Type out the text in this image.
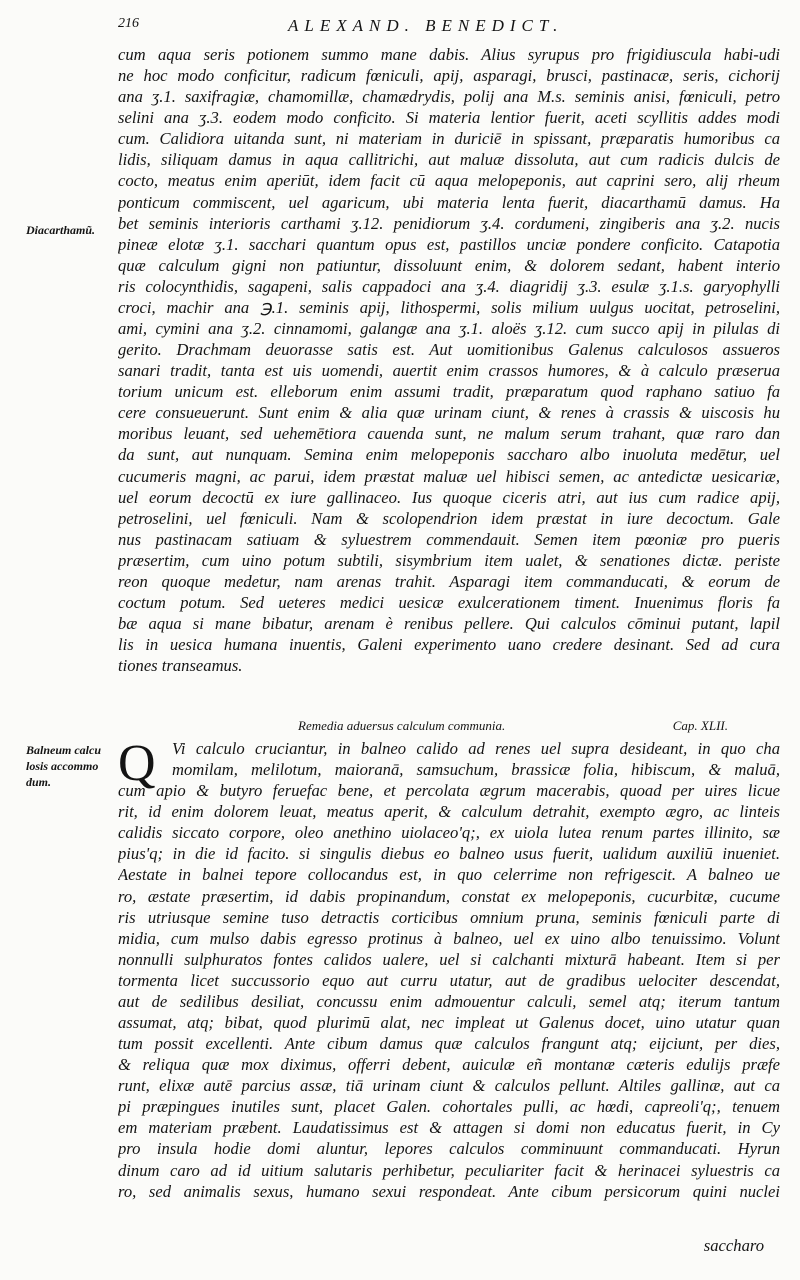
216	ALEXAND. BENEDICT.
Diacarthamũ.
cum aqua seris potionem summo mane dabis. Alius syrupus pro frigidiuscula habi-udi
ne hoc modo conficitur, radicum fœniculi, apij, asparagi, brusci, pastinacæ, seris, cichorij
ana ʒ.1. saxifragiæ, chamomillæ, chamædrydis, polij ana M.s. seminis anisi, fœniculi, petro
selini ana ʒ.3. eodem modo conficito. Si materia lentior fuerit, aceti scyllitis addes modi
cum. Calidiora uitanda sunt, ni materiam in duriciē in spissant, præparatis humoribus ca
lidis, siliquam damus in aqua callitrichi, aut maluæ dissoluta, aut cum radicis dulcis de
cocto, meatus enim aperiūt, idem facit cū aqua melopeponis, aut caprini sero, alij rheum
ponticum commiscent, uel agaricum, ubi materia lenta fuerit, diacarthamū damus. Ha
bet seminis interioris carthami ʒ.12. penidiorum ʒ.4. cordumeni, zingiberis ana ʒ.2. nucis
pineæ elotæ ʒ.1. sacchari quantum opus est, pastillos unciæ pondere conficito. Catapotia
quæ calculum gigni non patiuntur, dissoluunt enim, & dolorem sedant, habent interio
ris colocynthidis, sagapeni, salis cappadoci ana ʒ.4. diagridij ʒ.3. esulæ ʒ.1.s. garyophylli
croci, machir ana ℈.1. seminis apij, lithospermi, solis milium uulgus uocitat, petroselini,
ami, cymini ana ʒ.2. cinnamomi, galangæ ana ʒ.1. aloës ʒ.12. cum succo apij in pilulas di
gerito. Drachmam deuorasse satis est. Aut uomitionibus Galenus calculosos assueros
sanari tradit, tanta est uis uomendi, auertit enim crassos humores, & à calculo præserua
torium unicum est. elleborum enim assumi tradit, præparatum quod raphano satiuo fa
cere consueuerunt. Sunt enim & alia quæ urinam ciunt, & renes à crassis & uiscosis hu
moribus leuant, sed uehemētiora cauenda sunt, ne malum serum trahant, quæ raro dan
da sunt, aut nunquam. Semina enim melopeponis saccharo albo inuoluta medētur, uel
cucumeris magni, ac parui, idem præstat maluæ uel hibisci semen, ac antedictæ uesicariæ,
uel eorum decoctū ex iure gallinaceo. Ius quoque ciceris atri, aut ius cum radice apij,
petroselini, uel fœniculi. Nam & scolopendrion idem præstat in iure decoctum. Gale
nus pastinacam satiuam & syluestrem commendauit. Semen item pœoniæ pro pueris
præsertim, cum uino potum subtili, sisymbrium item ualet, & senationes dictæ. periste
reon quoque medetur, nam arenas trahit. Asparagi item commanducati, & eorum de
coctum potum. Sed ueteres medici uesicæ exulcerationem timent. Inuenimus floris fa
bæ aqua si mane bibatur, arenam è renibus pellere. Qui calculos cōminui putant, lapil
lis in uesica humana inuentis, Galeni experimento uano credere desinant. Sed ad cura
tiones transeamus.
Remedia aduersus calculum communia.	Cap. XLII.
Balneum calcu
losis accommo
dum.	Q Vi calculo cruciantur, in balneo calido ad renes uel supra desideant, in quo cha
momilam, melilotum, maioranā, samsuchum, brassicæ folia, hibiscum, & maluā,
cum apio & butyro feruefac bene, et percolata ægrum macerabis, quoad per uires licue
rit, id enim dolorem leuat, meatus aperit, & calculum detrahit, exempto ægro, ac linteis
calidis siccato corpore, oleo anethino uiolaceo'q;, ex uiola lutea renum partes illinito, sæ
pius'q; in die id facito. si singulis diebus eo balneo usus fuerit, ualidum auxiliū inueniet.
Aestate in balnei tepore collocandus est, in quo celerrime non refrigescit. A balneo ue
ro, æstate præsertim, id dabis propinandum, constat ex melopeponis, cucurbitæ, cucume
ris utriusque semine tuso detractis corticibus omnium pruna, seminis fœniculi parte di
midia, cum mulso dabis egresso protinus à balneo, uel ex uino albo tenuissimo. Volunt
nonnulli sulphuratos fontes calidos ualere, uel si calchanti mixturā habeant. Item si per
tormenta licet succussorio equo aut curru utatur, aut de gradibus uelociter descendat,
aut de sedilibus desiliat, concussu enim admouentur calculi, semel atq; iterum tantum
assumat, atq; bibat, quod plurimū alat, nec impleat ut Galenus docet, uino utatur quan
tum possit excellenti. Ante cibum damus quæ calculos frangunt atq; eijciunt, per dies,
& reliqua quæ mox diximus, offerri debent, auiculæ eñ montanæ cæteris edulijs præfe
runt, elixæ autē parcius assæ, tiā urinam ciunt & calculos pellunt. Altiles gallinæ, aut ca
pi præpingues inutiles sunt, placet Galen. cohortales pulli, ac hœdi, capreoli'q;, tenuem
em materiam præbent. Laudatissimus est & attagen si domi non educatus fuerit, in Cy
pro insula hodie domi aluntur, lepores calculos comminuunt commanducati. Hyrun
dinum caro ad id uitium salutaris perhibetur, peculiariter facit & herinacei syluestris ca
ro, sed animalis sexus, humano sexui respondeat. Ante cibum persicorum quini nuclei
saccharo
